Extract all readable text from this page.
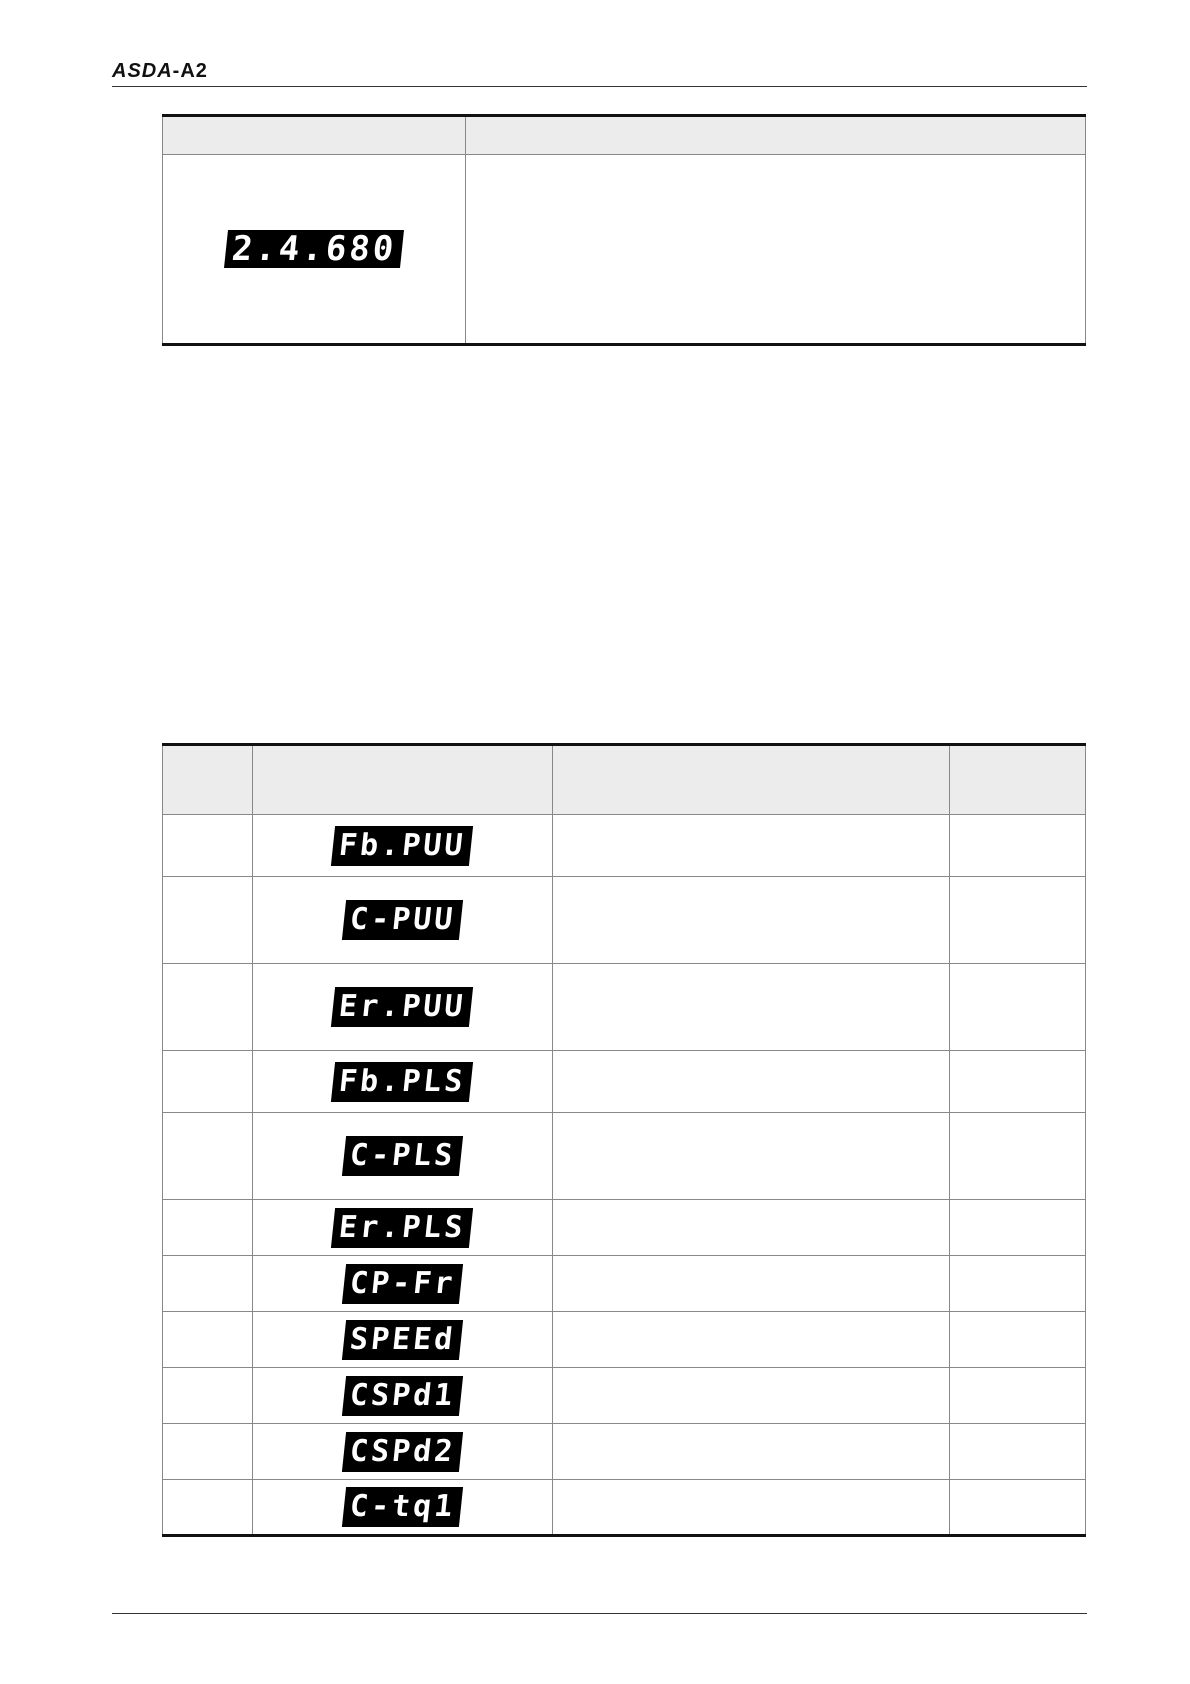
ASDA-A2

2.4.680	

	Fb.PUU		
	C-PUU		
	Er.PUU		
	Fb.PLS		
	C-PLS		
	Er.PLS		
	CP-Fr		
	SPEEd		
	CSPd1		
	CSPd2		
	C-tq1		
